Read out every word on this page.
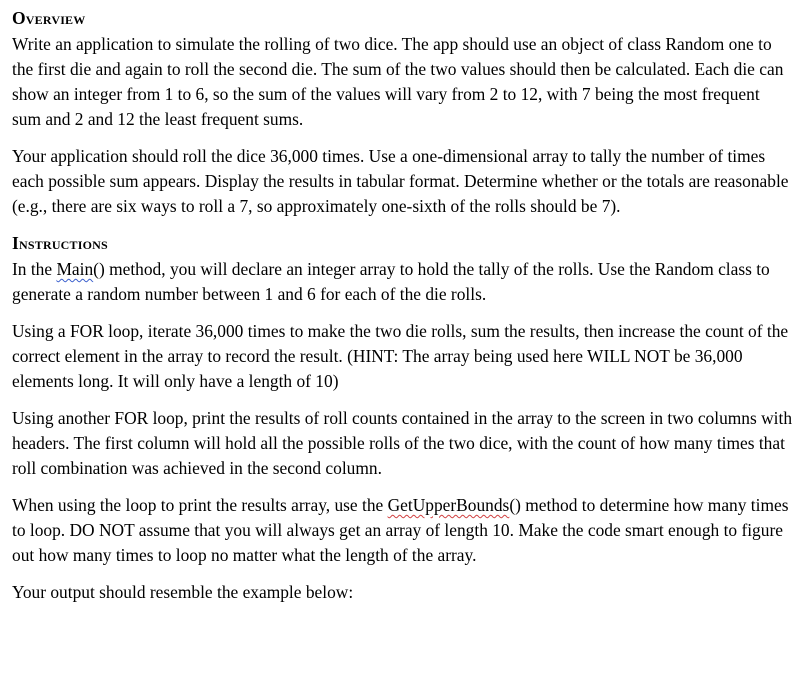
Overview

Write an application to simulate the rolling of two dice. The app should use an object of class Random one to the first die and again to roll the second die. The sum of the two values should then be calculated. Each die can show an integer from 1 to 6, so the sum of the values will vary from 2 to 12, with 7 being the most frequent sum and 2 and 12 the least frequent sums.

Your application should roll the dice 36,000 times. Use a one-dimensional array to tally the number of times each possible sum appears. Display the results in tabular format. Determine whether or the totals are reasonable (e.g., there are six ways to roll a 7, so approximately one-sixth of the rolls should be 7).

Instructions

In the Main() method, you will declare an integer array to hold the tally of the rolls. Use the Random class to generate a random number between 1 and 6 for each of the die rolls.

Using a FOR loop, iterate 36,000 times to make the two die rolls, sum the results, then increase the count of the correct element in the array to record the result. (HINT: The array being used here WILL NOT be 36,000 elements long. It will only have a length of 10)

Using another FOR loop, print the results of roll counts contained in the array to the screen in two columns with headers. The first column will hold all the possible rolls of the two dice, with the count of how many times that roll combination was achieved in the second column.

When using the loop to print the results array, use the GetUpperBounds() method to determine how many times to loop. DO NOT assume that you will always get an array of length 10. Make the code smart enough to figure out how many times to loop no matter what the length of the array.

Your output should resemble the example below:
